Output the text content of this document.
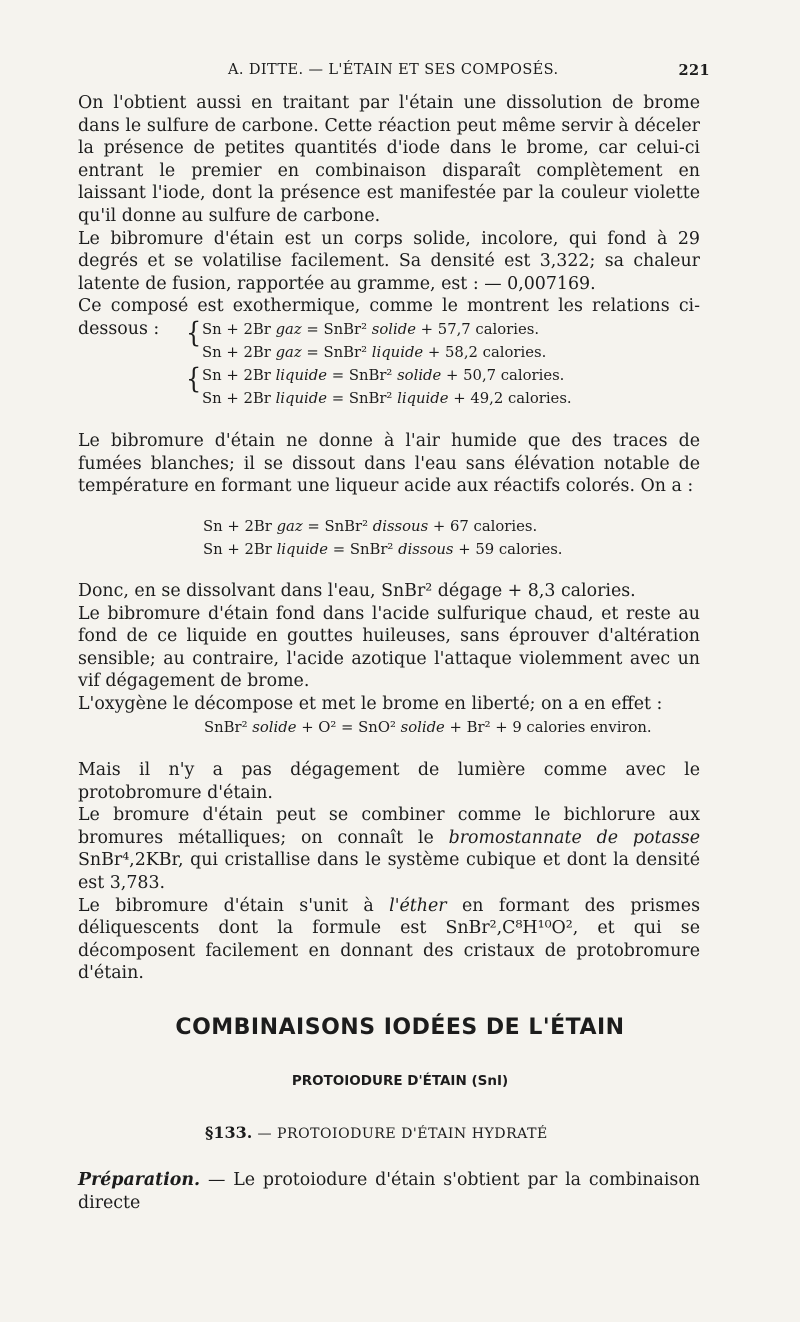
A. DITTE. — L'ÉTAIN ET SES COMPOSÉS.	221

On l'obtient aussi en traitant par l'étain une dissolution de brome dans le sulfure de carbone. Cette réaction peut même servir à déceler la présence de petites quantités d'iode dans le brome, car celui-ci entrant le premier en combinaison disparaît complètement en laissant l'iode, dont la présence est manifestée par la couleur violette qu'il donne au sulfure de carbone.

Le bibromure d'étain est un corps solide, incolore, qui fond à 29 degrés et se volatilise facilement. Sa densité est 3,322; sa chaleur latente de fusion, rapportée au gramme, est : — 0,007169.

Ce composé est exothermique, comme le montrent les relations ci-dessous :	{
{
Sn + 2Br gaz = SnBr² solide + 57,7 calories.
Sn + 2Br gaz = SnBr² liquide + 58,2 calories.
Sn + 2Br liquide = SnBr² solide + 50,7 calories.
Sn + 2Br liquide = SnBr² liquide + 49,2 calories.

Le bibromure d'étain ne donne à l'air humide que des traces de fumées blanches; il se dissout dans l'eau sans élévation notable de température en formant une liqueur acide aux réactifs colorés. On a :

Sn + 2Br gaz = SnBr² dissous + 67 calories.
Sn + 2Br liquide = SnBr² dissous + 59 calories.

Donc, en se dissolvant dans l'eau, SnBr² dégage + 8,3 calories.

Le bibromure d'étain fond dans l'acide sulfurique chaud, et reste au fond de ce liquide en gouttes huileuses, sans éprouver d'altération sensible; au contraire, l'acide azotique l'attaque violemment avec un vif dégagement de brome.

L'oxygène le décompose et met le brome en liberté; on a en effet :

SnBr² solide + O² = SnO² solide + Br² + 9 calories environ.

Mais il n'y a pas dégagement de lumière comme avec le protobromure d'étain.

Le bromure d'étain peut se combiner comme le bichlorure aux bromures métalliques; on connaît le bromostannate de potasse SnBr⁴,2KBr, qui cristallise dans le système cubique et dont la densité est 3,783.

Le bibromure d'étain s'unit à l'éther en formant des prismes déliquescents dont la formule est SnBr²,C⁸H¹⁰O², et qui se décomposent facilement en donnant des cristaux de protobromure d'étain.

COMBINAISONS IODÉES DE L'ÉTAIN
PROTOIODURE D'ÉTAIN (SnI)
§133. — PROTOIODURE D'ÉTAIN HYDRATÉ

Préparation. — Le protoiodure d'étain s'obtient par la combinaison directe
